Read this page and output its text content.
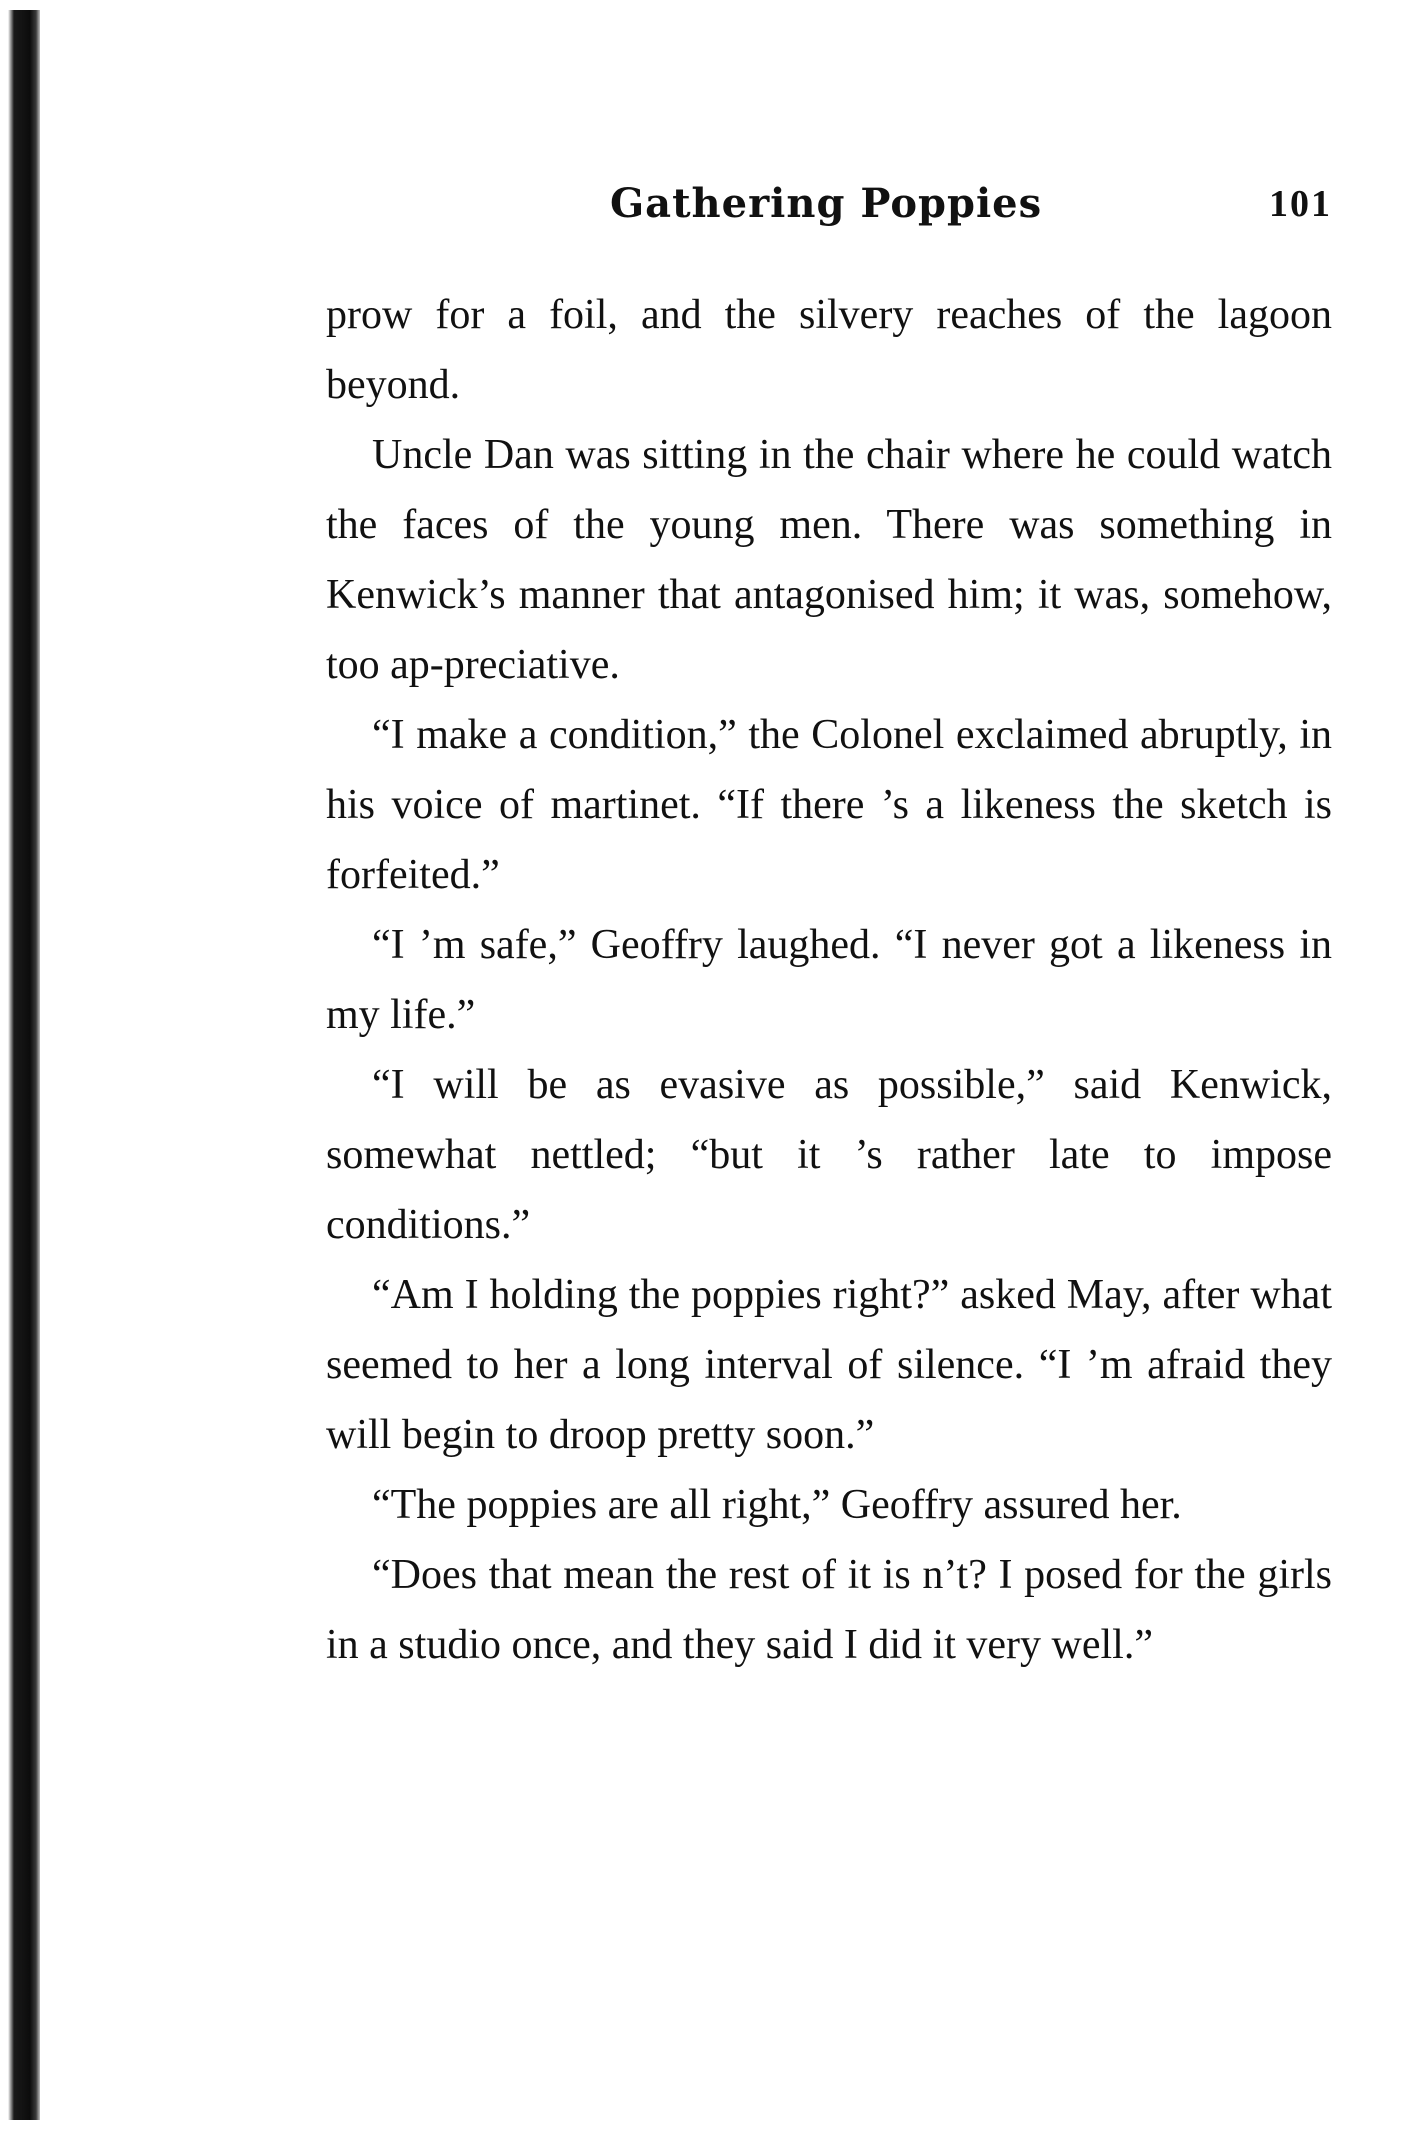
Gathering Poppies	101

prow for a foil, and the silvery reaches of the lagoon beyond.

Uncle Dan was sitting in the chair where he could watch the faces of the young men. There was something in Kenwick’s manner that antagonised him; it was, somehow, too ap-preciative.

“I make a condition,” the Colonel exclaimed abruptly, in his voice of martinet. “If there ’s a likeness the sketch is forfeited.”

“I ’m safe,” Geoffry laughed. “I never got a likeness in my life.”

“I will be as evasive as possible,” said Kenwick, somewhat nettled; “but it ’s rather late to impose conditions.”

“Am I holding the poppies right?” asked May, after what seemed to her a long interval of silence. “I ’m afraid they will begin to droop pretty soon.”

“The poppies are all right,” Geoffry assured her.

“Does that mean the rest of it is n’t? I posed for the girls in a studio once, and they said I did it very well.”
